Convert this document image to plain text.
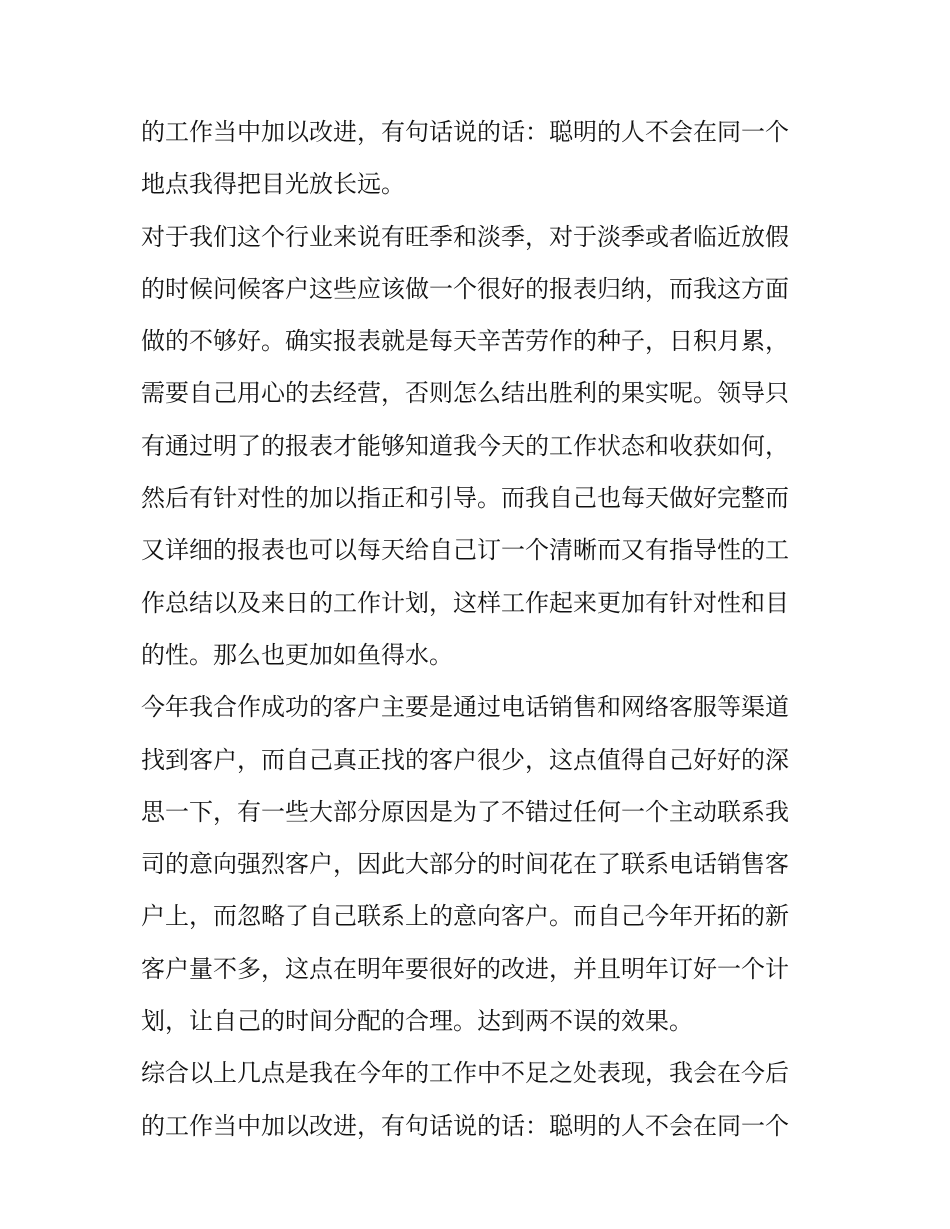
的工作当中加以改进，有句话说的话：聪明的人不会在同一个
地点我得把目光放长远。
对于我们这个行业来说有旺季和淡季，对于淡季或者临近放假
的时候问候客户这些应该做一个很好的报表归纳，而我这方面
做的不够好。确实报表就是每天辛苦劳作的种子，日积月累，
需要自己用心的去经营，否则怎么结出胜利的果实呢。领导只
有通过明了的报表才能够知道我今天的工作状态和收获如何，
然后有针对性的加以指正和引导。而我自己也每天做好完整而
又详细的报表也可以每天给自己订一个清晰而又有指导性的工
作总结以及来日的工作计划，这样工作起来更加有针对性和目
的性。那么也更加如鱼得水。
今年我合作成功的客户主要是通过电话销售和网络客服等渠道
找到客户，而自己真正找的客户很少，这点值得自己好好的深
思一下，有一些大部分原因是为了不错过任何一个主动联系我
司的意向强烈客户，因此大部分的时间花在了联系电话销售客
户上，而忽略了自己联系上的意向客户。而自己今年开拓的新
客户量不多，这点在明年要很好的改进，并且明年订好一个计
划，让自己的时间分配的合理。达到两不误的效果。
综合以上几点是我在今年的工作中不足之处表现，我会在今后
的工作当中加以改进，有句话说的话：聪明的人不会在同一个
